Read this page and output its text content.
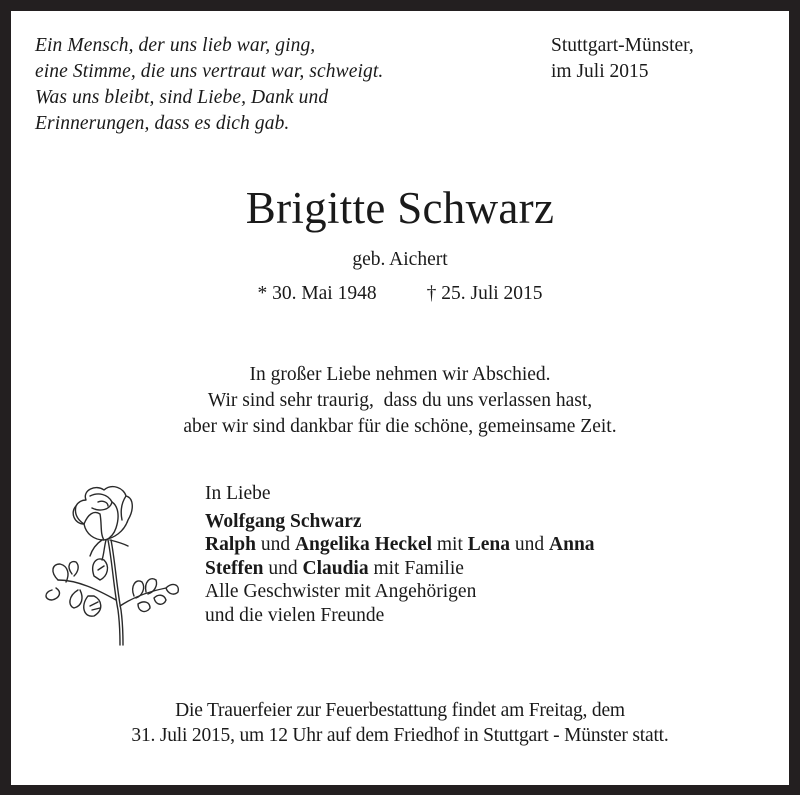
Ein Mensch, der uns lieb war, ging,
eine Stimme, die uns vertraut war, schweigt.
Was uns bleibt, sind Liebe, Dank und
Erinnerungen, dass es dich gab.
Stuttgart-Münster,
im Juli 2015
Brigitte Schwarz
geb. Aichert
* 30. Mai 1948	† 25. Juli 2015
In großer Liebe nehmen wir Abschied.
Wir sind sehr traurig,  dass du uns verlassen hast,
aber wir sind dankbar für die schöne, gemeinsame Zeit.
In Liebe
Wolfgang Schwarz
Ralph und Angelika Heckel mit Lena und Anna
Steffen und Claudia mit Familie
Alle Geschwister mit Angehörigen
und die vielen Freunde
Die Trauerfeier zur Feuerbestattung findet am Freitag, dem
31. Juli 2015, um 12 Uhr auf dem Friedhof in Stuttgart - Münster statt.
